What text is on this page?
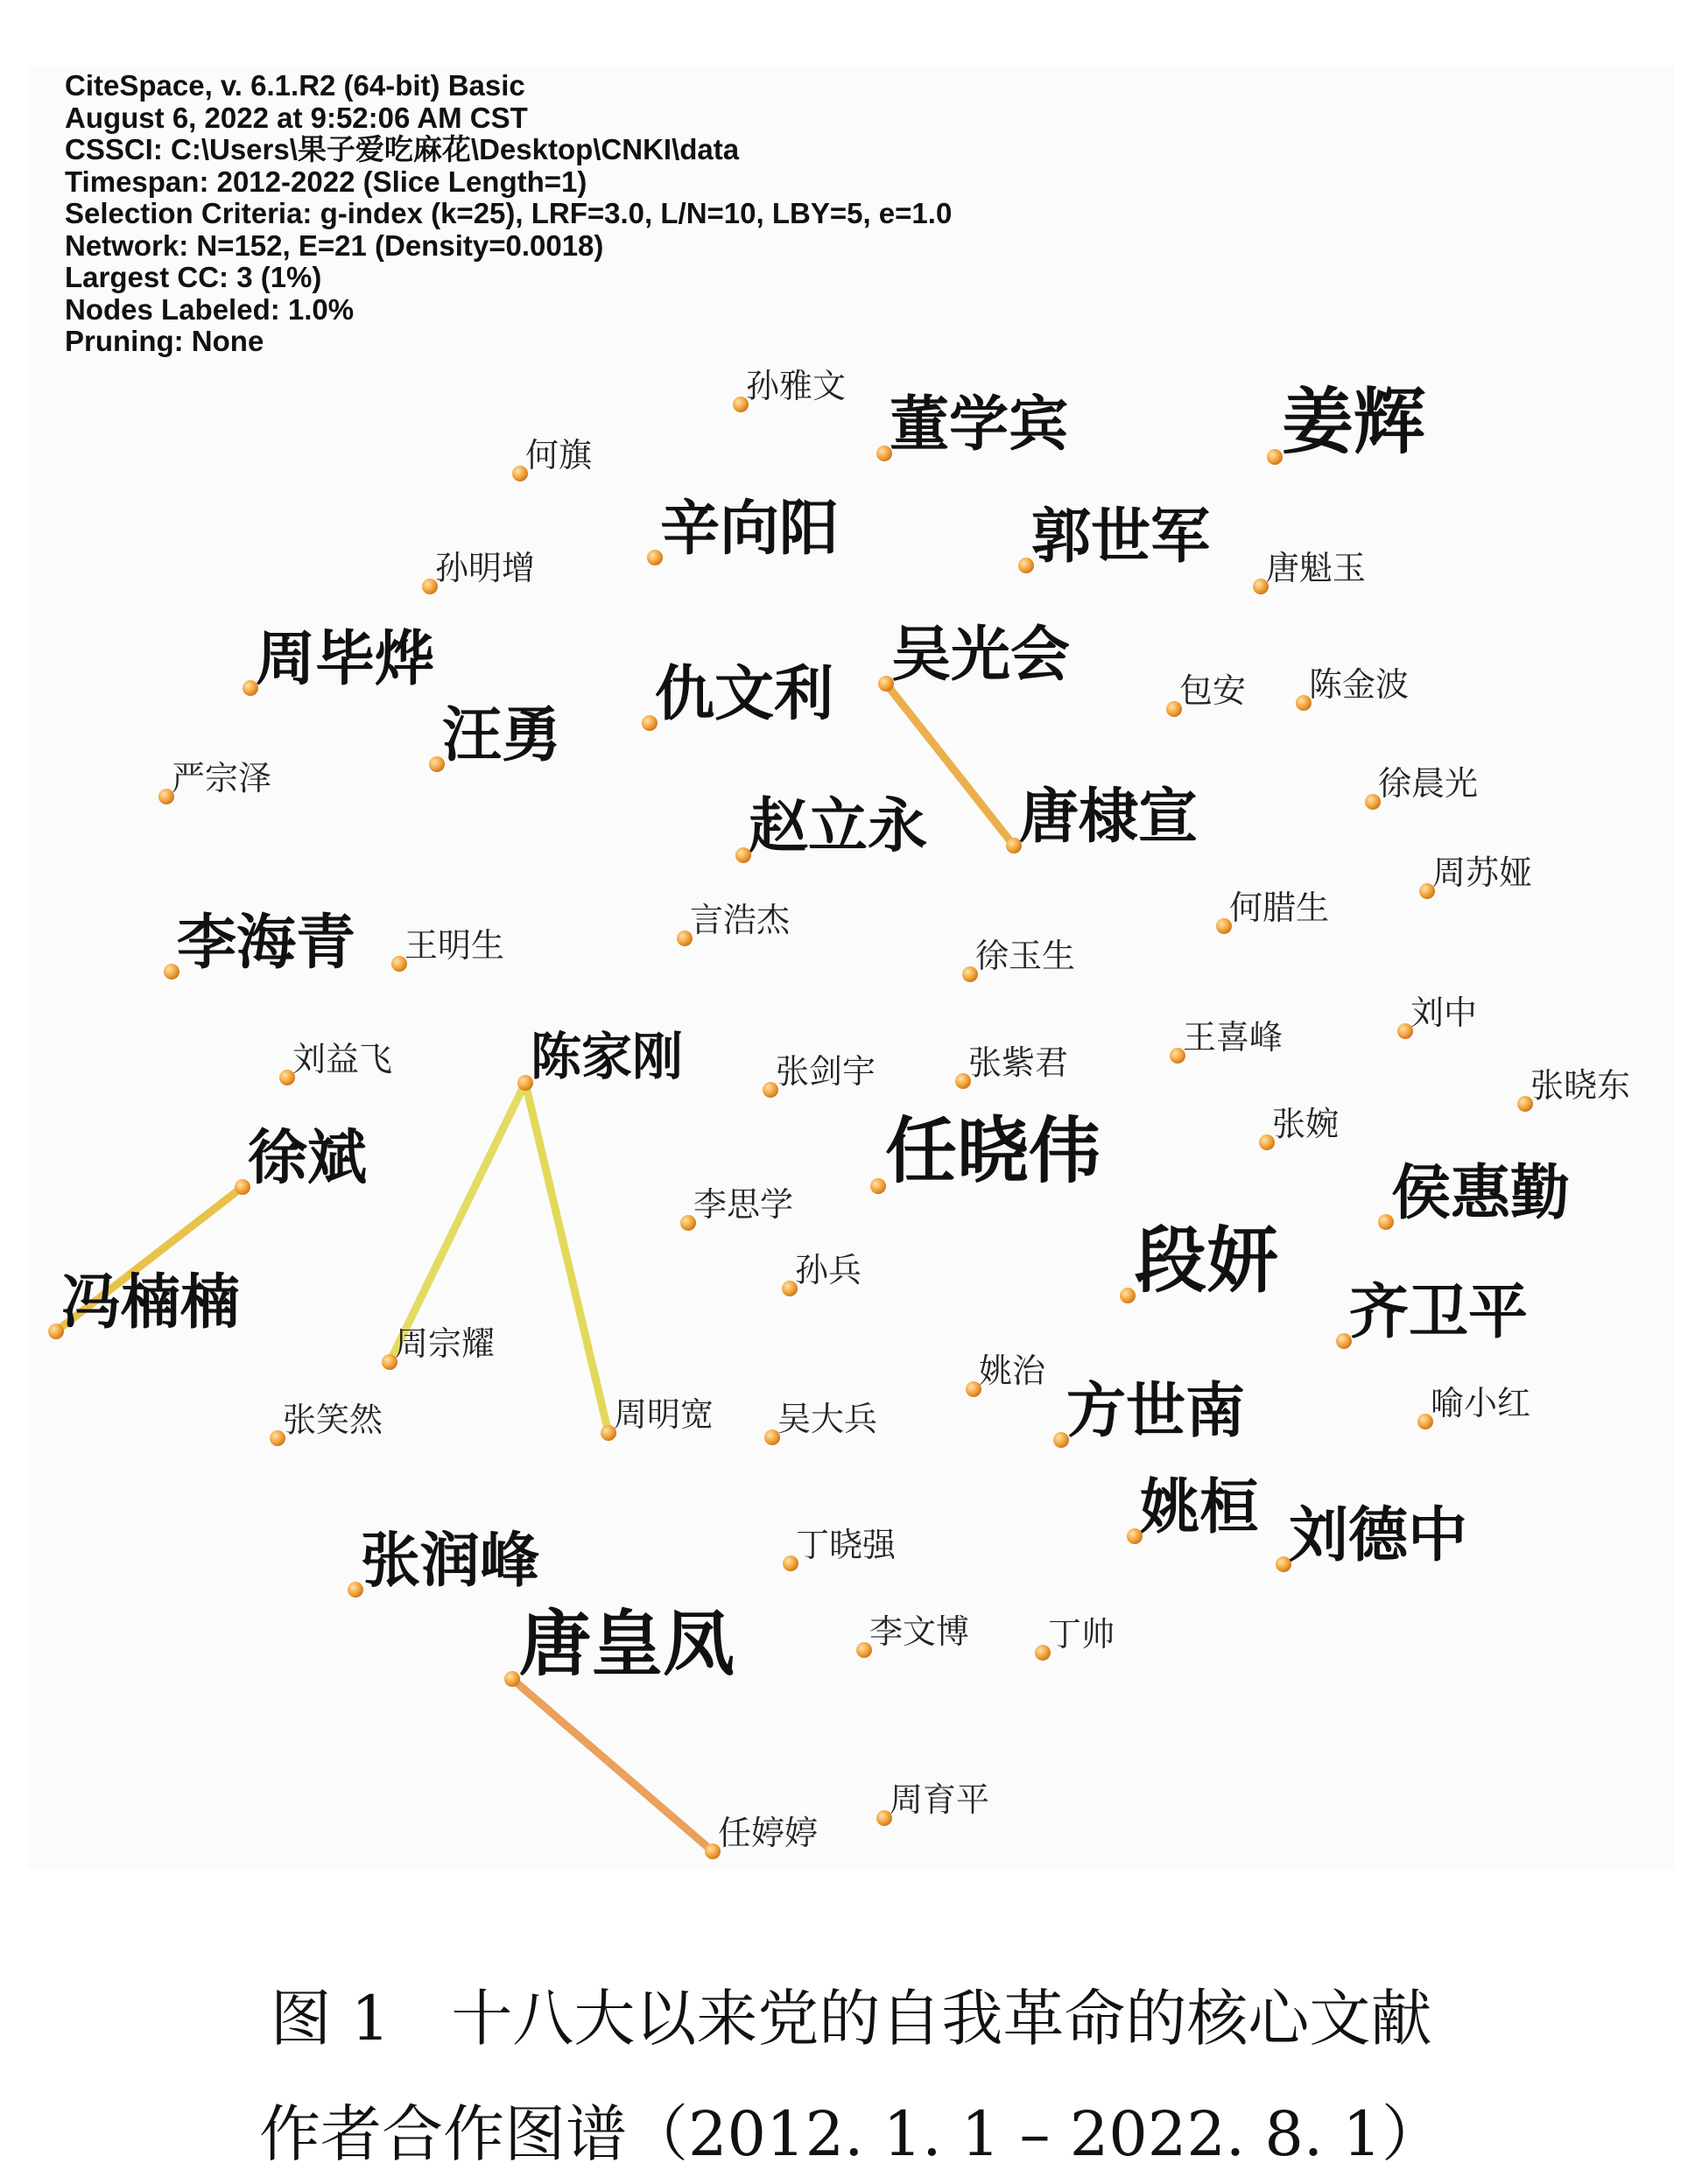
CiteSpace, v. 6.1.R2 (64-bit) Basic
August 6, 2022 at 9:52:06 AM CST
CSSCI: C:\Users\果子爱吃麻花\Desktop\CNKI\data
Timespan: 2012-2022 (Slice Length=1)
Selection Criteria: g-index (k=25), LRF=3.0, L/N=10, LBY=5, e=1.0
Network: N=152, E=21 (Density=0.0018)
Largest CC: 3 (1%)
Nodes Labeled: 1.0%
Pruning: None
孙雅文
董学宾	姜辉
何旗
辛向阳	郭世军
孙明增	唐魁玉
周毕烨	吴光会
仇文利	包安 陈金波
汪勇
严宗泽	徐晨光
赵立永 唐棣宣
周苏娅
李海青 王明生
言浩杰	何腊生
徐玉生
刘中
王喜峰
刘益飞	陈家刚	张剑宇	张紫君
张晓东
张婉
徐斌	任晓伟
侯惠勤
李思学
孙兵	段妍
齐卫平
冯楠楠
周宗耀
姚治
张笑然	周明宽 吴大兵	方世南	喻小红
姚桓 刘德中
张润峰	丁晓强
唐皇凤	李文博 丁帅
周育平
任婷婷
图 1　十八大以来党的自我革命的核心文献
作者合作图谱（2012. 1. 1 – 2022. 8. 1）
